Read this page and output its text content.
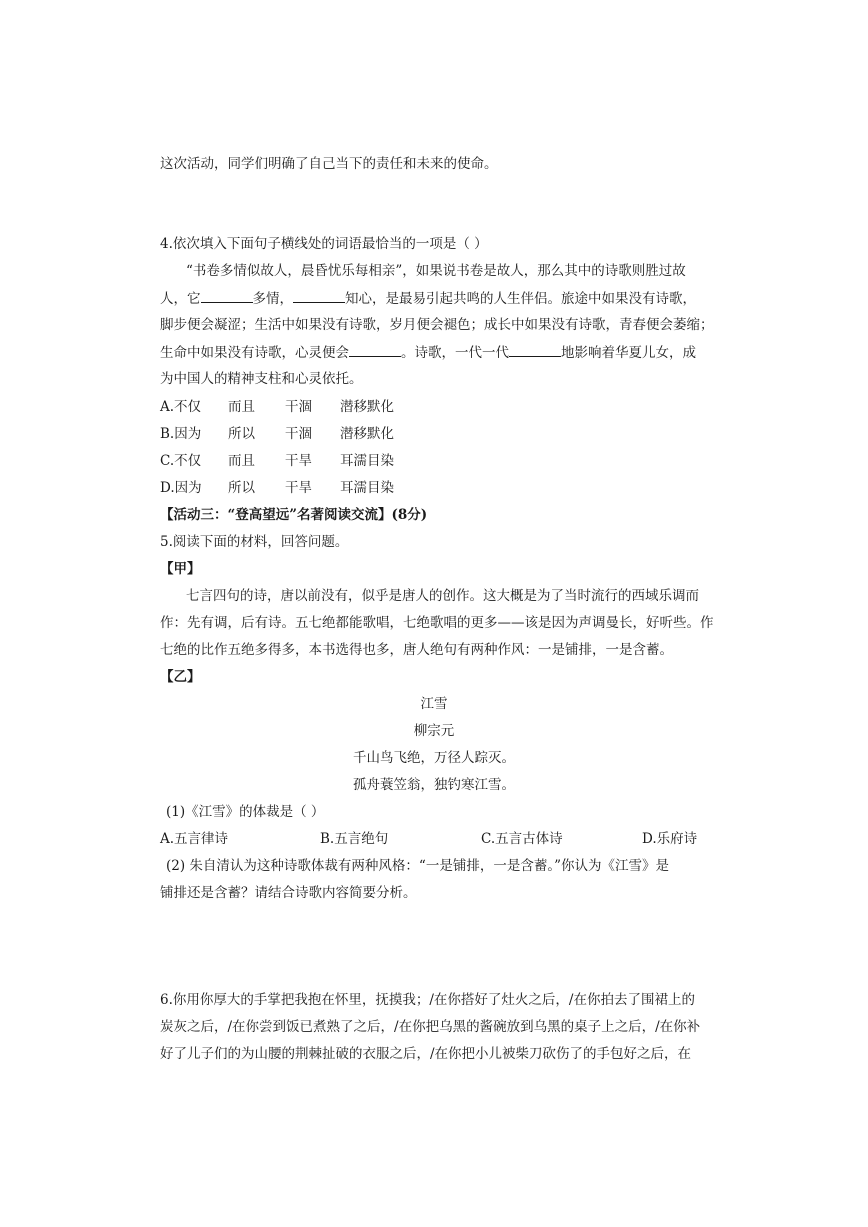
这次活动，同学们明确了自己当下的责任和未来的使命。
4.依次填入下面句子横线处的词语最恰当的一项是（ ）
“书卷多情似故人，晨昏忧乐每相亲”，如果说书卷是故人，那么其中的诗歌则胜过故
人，它	多情，	知心，是最易引起共鸣的人生伴侣。旅途中如果没有诗歌，
脚步便会凝涩；生活中如果没有诗歌，岁月便会褪色；成长中如果没有诗歌，青春便会萎缩；
生命中如果没有诗歌，心灵便会	。诗歌，一代一代	地影响着华夏儿女，成
为中国人的精神支柱和心灵依托。
A.不仅 而且 干涸 潜移默化
B.因为 所以 干涸 潜移默化
C.不仅 而且 干旱 耳濡目染
D.因为 所以 干旱 耳濡目染
【活动三：“登高望远”名著阅读交流】(8分)
5.阅读下面的材料，回答问题。
【甲】
七言四句的诗，唐以前没有，似乎是唐人的创作。这大概是为了当时流行的西域乐调而
作：先有调，后有诗。五七绝都能歌唱，七绝歌唱的更多——该是因为声调曼长，好听些。作
七绝的比作五绝多得多，本书选得也多，唐人绝句有两种作风：一是铺排，一是含蓄。
【乙】
江雪
柳宗元
千山鸟飞绝，万径人踪灭。
孤舟蓑笠翁，独钓寒江雪。
(1)《江雪》的体裁是（ ）
A.五言律诗	B.五言绝句	C.五言古体诗	D.乐府诗
(2) 朱自清认为这种诗歌体裁有两种风格：“一是铺排，一是含蓄。”你认为《江雪》是
铺排还是含蓄？请结合诗歌内容简要分析。
6.你用你厚大的手掌把我抱在怀里，抚摸我；/在你搭好了灶火之后，/在你拍去了围裙上的
炭灰之后，/在你尝到饭已煮熟了之后，/在你把乌黑的酱碗放到乌黑的桌子上之后，/在你补
好了儿子们的为山腰的荆棘扯破的衣服之后，/在你把小儿被柴刀砍伤了的手包好之后，在
